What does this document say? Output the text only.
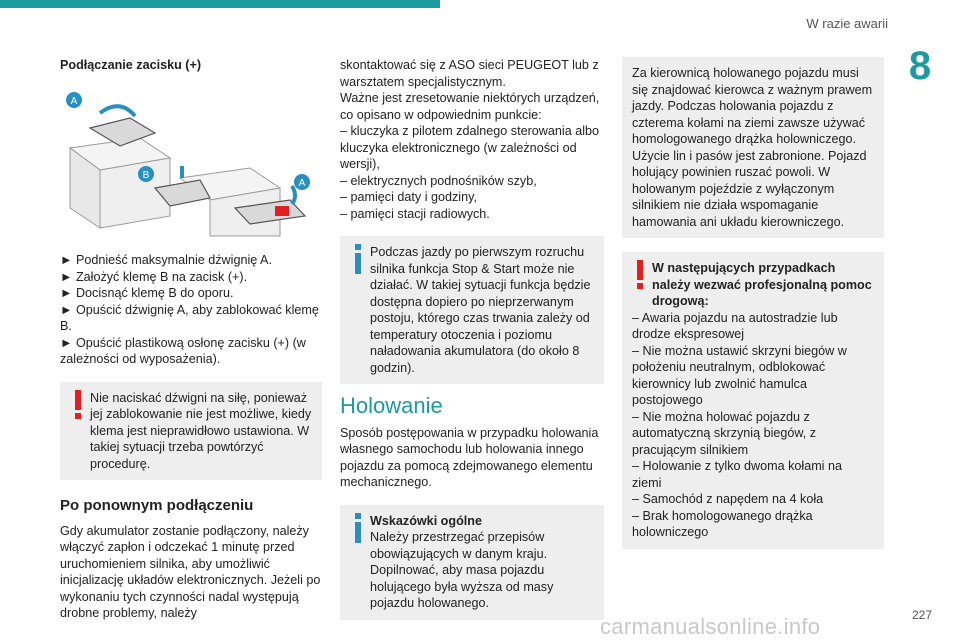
W razie awarii
8

Podłączanie zacisku (+)

A
B
A

► Podnieść maksymalnie dźwignię A.

► Założyć klemę B na zacisk (+).

► Docisnąć klemę B do oporu.

► Opuścić dźwignię A, aby zablokować klemę B.

► Opuścić plastikową osłonę zacisku (+) (w zależności od wyposażenia).

Nie naciskać dźwigni na siłę, ponieważ jej zablokowanie nie jest możliwe, kiedy klema jest nieprawidłowo ustawiona. W takiej sytuacji trzeba powtórzyć procedurę.

Po ponownym podłączeniu

Gdy akumulator zostanie podłączony, należy włączyć zapłon i odczekać 1 minutę przed uruchomieniem silnika, aby umożliwić inicjalizację układów elektronicznych. Jeżeli po wykonaniu tych czynności nadal występują drobne problemy, należy

skontaktować się z ASO sieci PEUGEOT lub z warsztatem specjalistycznym.

Ważne jest zresetowanie niektórych urządzeń, co opisano w odpowiednim punkcie:

– kluczyka z pilotem zdalnego sterowania albo kluczyka elektronicznego (w zależności od wersji),

– elektrycznych podnośników szyb,

– pamięci daty i godziny,

– pamięci stacji radiowych.

Podczas jazdy po pierwszym rozruchu silnika funkcja Stop & Start może nie działać. W takiej sytuacji funkcja będzie dostępna dopiero po nieprzerwanym postoju, którego czas trwania zależy od temperatury otoczenia i poziomu naładowania akumulatora (do około 8 godzin).

Holowanie

Sposób postępowania w przypadku holowania własnego samochodu lub holowania innego pojazdu za pomocą zdejmowanego elementu mechanicznego.

Wskazówki ogólne

Należy przestrzegać przepisów obowiązujących w danym kraju. Dopilnować, aby masa pojazdu holującego była wyższa od masy pojazdu holowanego.

Za kierownicą holowanego pojazdu musi się znajdować kierowca z ważnym prawem jazdy. Podczas holowania pojazdu z czterema kołami na ziemi zawsze używać homologowanego drążka holowniczego. Użycie lin i pasów jest zabronione. Pojazd holujący powinien ruszać powoli. W holowanym pojeździe z wyłączonym silnikiem nie działa wspomaganie hamowania ani układu kierowniczego.

W następujących przypadkach należy wezwać profesjonalną pomoc drogową:

– Awaria pojazdu na autostradzie lub drodze ekspresowej

– Nie można ustawić skrzyni biegów w położeniu neutralnym, odblokować kierownicy lub zwolnić hamulca postojowego

– Nie można holować pojazdu z automatyczną skrzynią biegów, z pracującym silnikiem

– Holowanie z tylko dwoma kołami na ziemi

– Samochód z napędem na 4 koła

– Brak homologowanego drążka holowniczego

227
carmanualsonline.info
